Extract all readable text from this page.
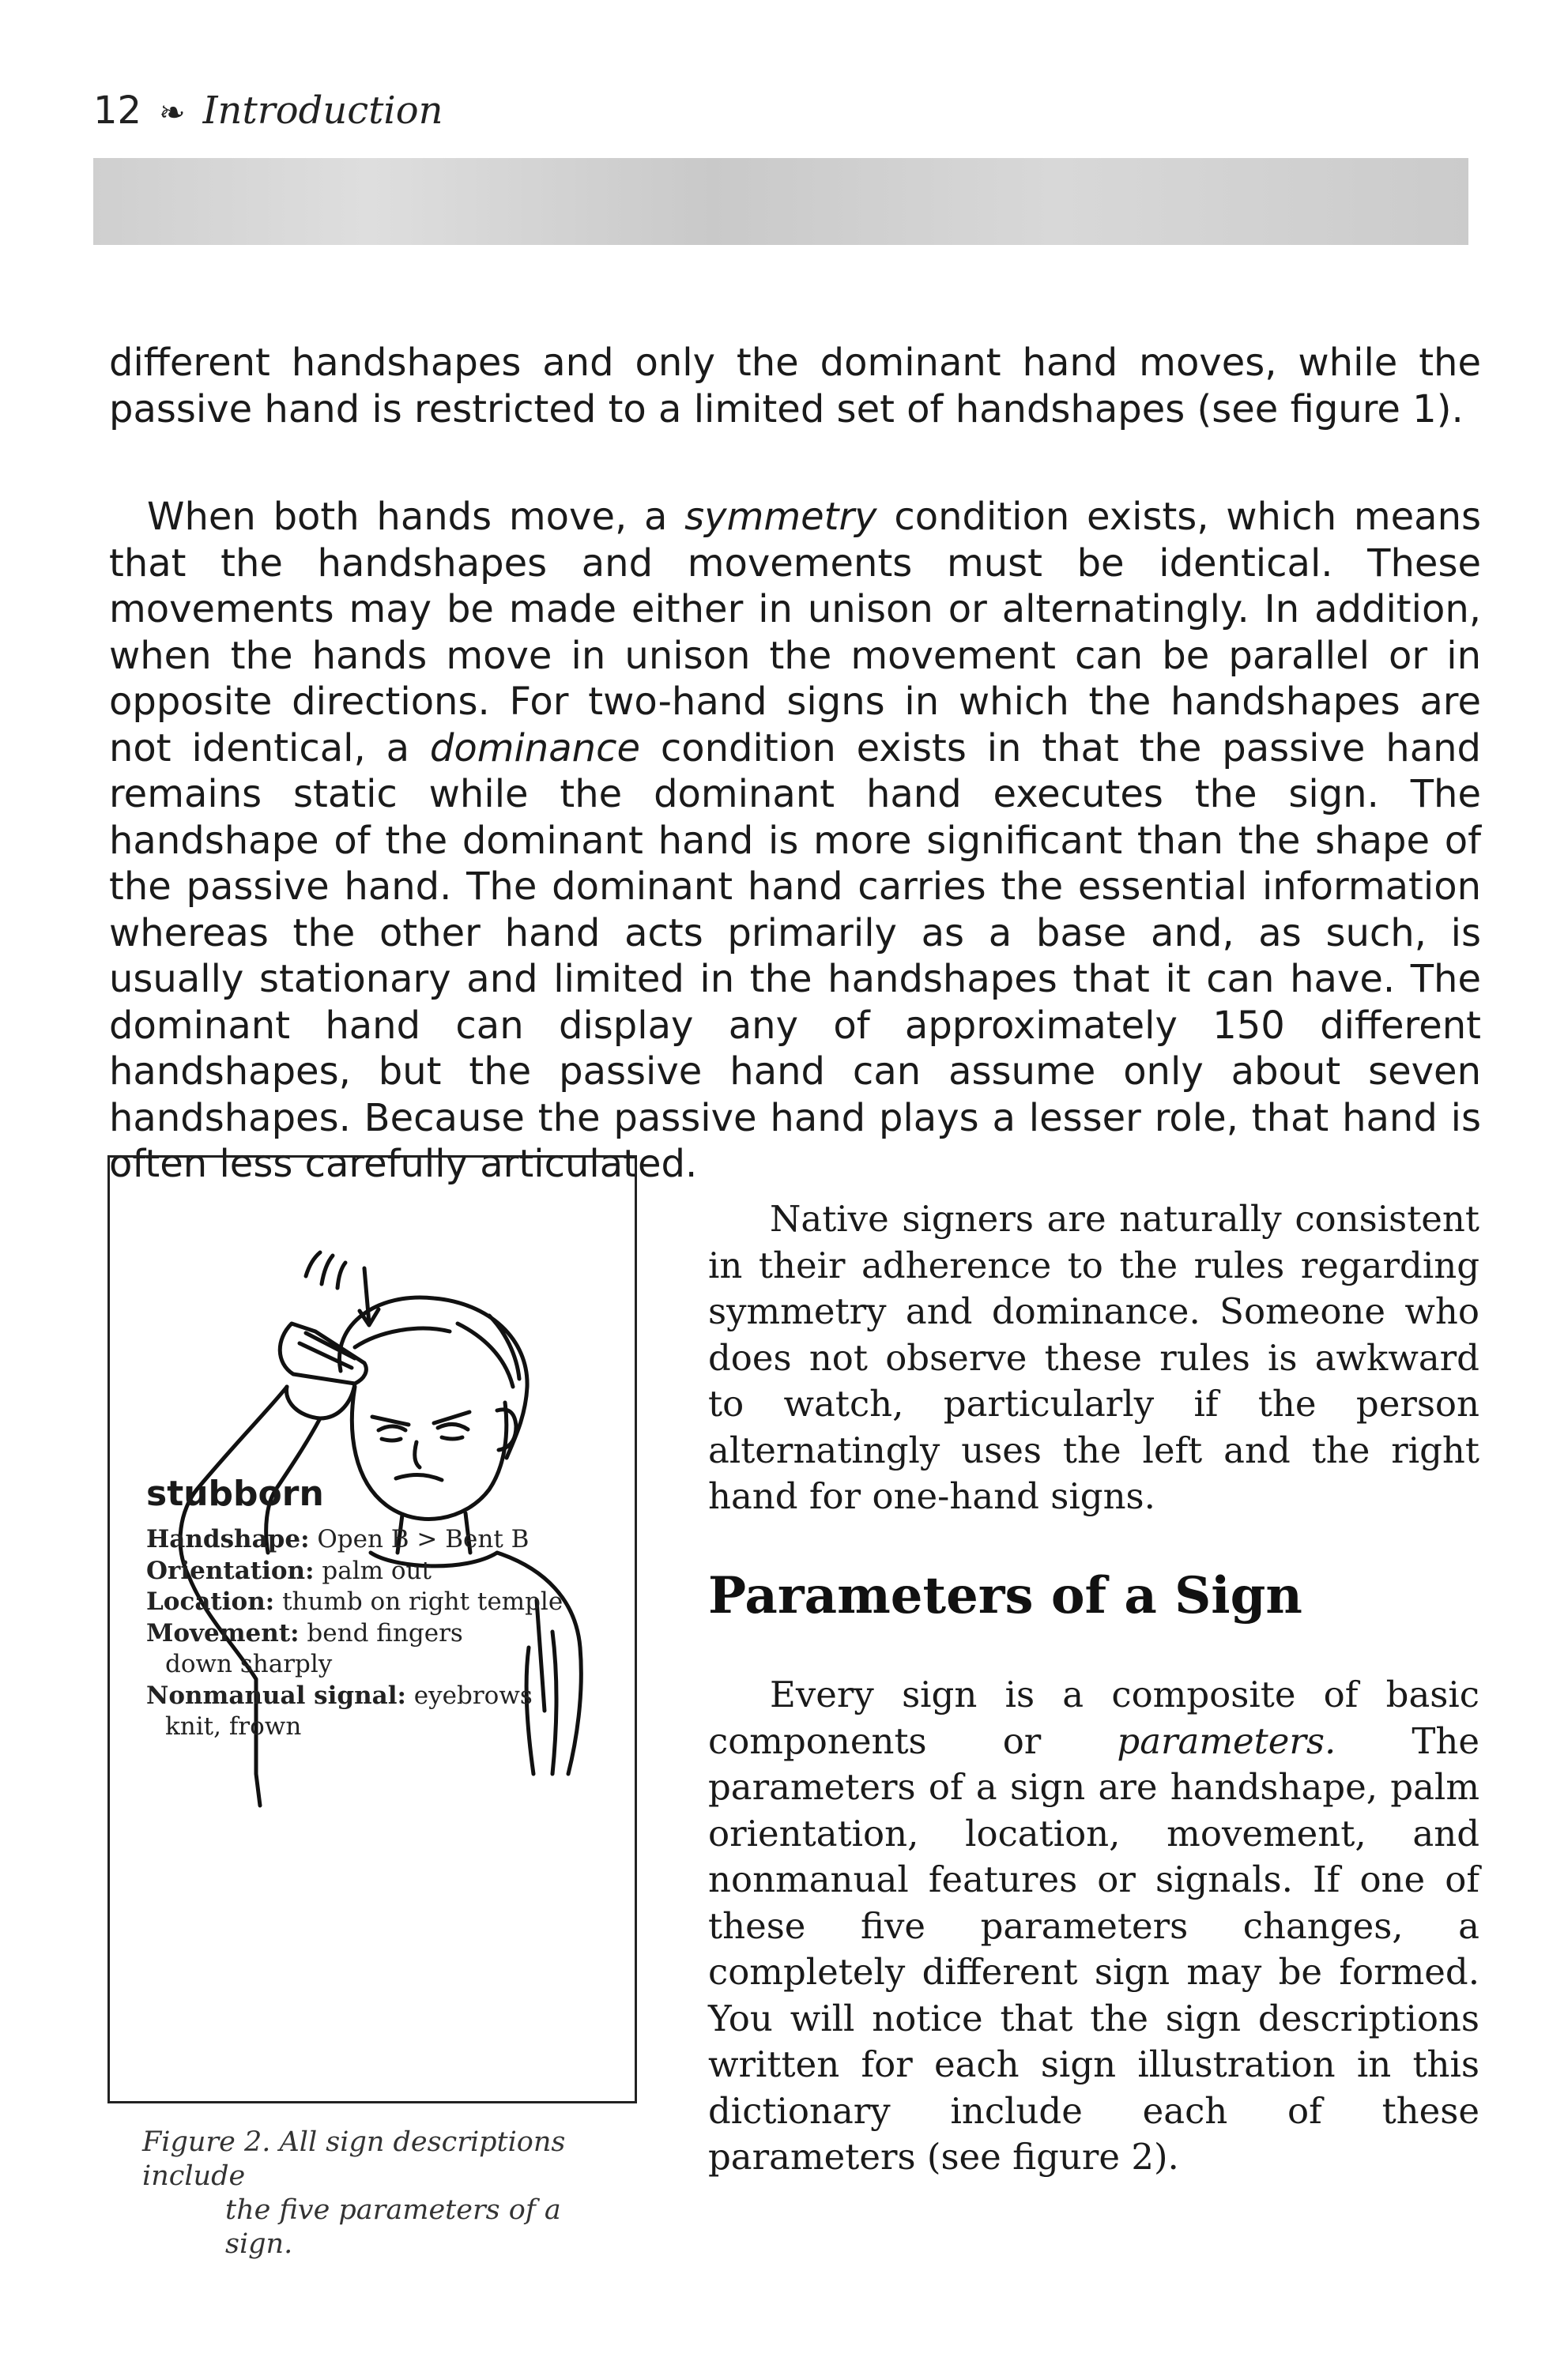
12 ❧ Introduction

different handshapes and only the dominant hand moves, while the passive hand is restricted to a limited set of handshapes (see figure 1).

When both hands move, a symmetry condition exists, which means that the handshapes and movements must be identical. These movements may be made either in unison or alternatingly. In addition, when the hands move in unison the movement can be parallel or in opposite directions. For two-hand signs in which the handshapes are not identical, a dominance condition exists in that the passive hand remains static while the dominant hand executes the sign. The handshape of the dominant hand is more significant than the shape of the passive hand. The dominant hand carries the essential information whereas the other hand acts primarily as a base and, as such, is usually stationary and limited in the handshapes that it can have. The dominant hand can display any of approximately 150 different handshapes, but the passive hand can assume only about seven handshapes. Because the passive hand plays a lesser role, that hand is often less carefully articulated.

stubborn
Handshape: Open B > Bent B
Orientation: palm out
Location: thumb on right temple
Movement: bend fingers
down sharply
Nonmanual signal: eyebrows
knit, frown
Figure 2. All sign descriptions include
the five parameters of a sign.

Native signers are naturally consistent in their adherence to the rules regarding symmetry and dominance. Someone who does not observe these rules is awkward to watch, particularly if the person alternatingly uses the left and the right hand for one-hand signs.

Parameters of a Sign

Every sign is a composite of basic components or parameters. The parameters of a sign are handshape, palm orientation, location, movement, and nonmanual features or signals. If one of these five parameters changes, a completely different sign may be formed. You will notice that the sign descriptions written for each sign illustration in this dictionary include each of these parameters (see figure 2).
